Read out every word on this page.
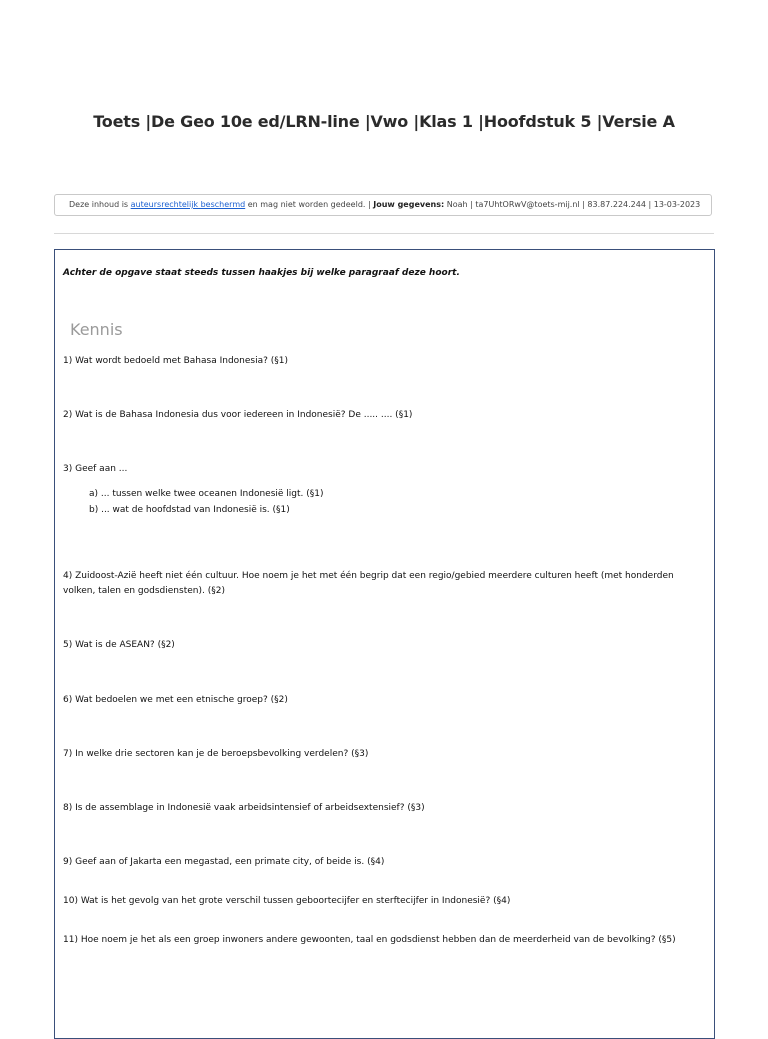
Toets |De Geo 10e ed/LRN-line |Vwo |Klas 1 |Hoofdstuk 5 |Versie A
Deze inhoud is auteursrechtelijk beschermd en mag niet worden gedeeld. | Jouw gegevens: Noah | ta7UhtORwV@toets-mij.nl | 83.87.224.244 | 13-03-2023
Achter de opgave staat steeds tussen haakjes bij welke paragraaf deze hoort.
Kennis
1) Wat wordt bedoeld met Bahasa Indonesia? (§1)
2) Wat is de Bahasa Indonesia dus voor iedereen in Indonesië? De ..... .... (§1)
3) Geef aan ...
a) ... tussen welke twee oceanen Indonesië ligt. (§1)
b) ... wat de hoofdstad van Indonesië is. (§1)
4) Zuidoost-Azië heeft niet één cultuur. Hoe noem je het met één begrip dat een regio/gebied meerdere culturen heeft (met honderden volken, talen en godsdiensten). (§2)
5) Wat is de ASEAN? (§2)
6) Wat bedoelen we met een etnische groep? (§2)
7) In welke drie sectoren kan je de beroepsbevolking verdelen? (§3)
8) Is de assemblage in Indonesië vaak arbeidsintensief of arbeidsextensief? (§3)
9) Geef aan of Jakarta een megastad, een primate city, of beide is. (§4)
10) Wat is het gevolg van het grote verschil tussen geboortecijfer en sterftecijfer in Indonesië? (§4)
11) Hoe noem je het als een groep inwoners andere gewoonten, taal en godsdienst hebben dan de meerderheid van de bevolking? (§5)
